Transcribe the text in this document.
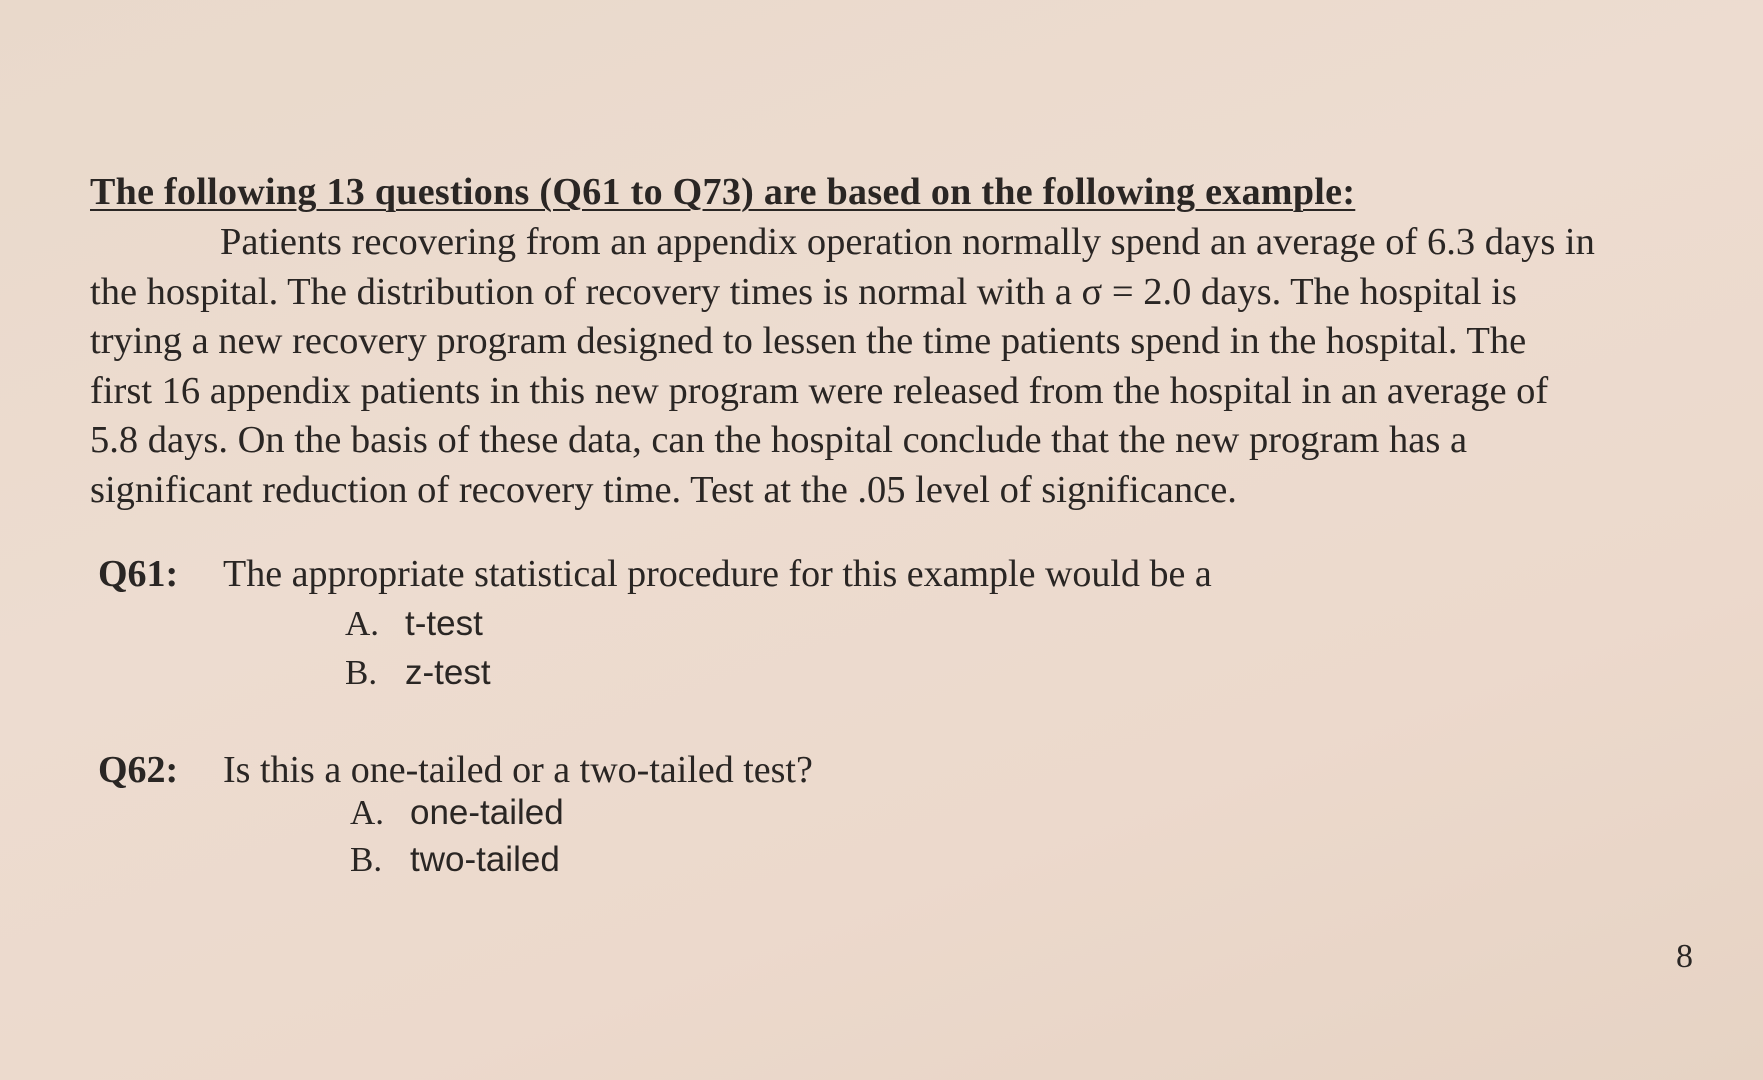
The following 13 questions (Q61 to Q73) are based on the following example:

Patients recovering from an appendix operation normally spend an average of 6.3 days in
the hospital. The distribution of recovery times is normal with a σ = 2.0 days. The hospital is
trying a new recovery program designed to lessen the time patients spend in the hospital. The
first 16 appendix patients in this new program were released from the hospital in an average of
5.8 days. On the basis of these data, can the hospital conclude that the new program has a
significant reduction of recovery time. Test at the .05 level of significance.

Q61: The appropriate statistical procedure for this example would be a
A. t-test
B. z-test
Q62: Is this a one-tailed or a two-tailed test?
A. one-tailed
B. two-tailed
8
